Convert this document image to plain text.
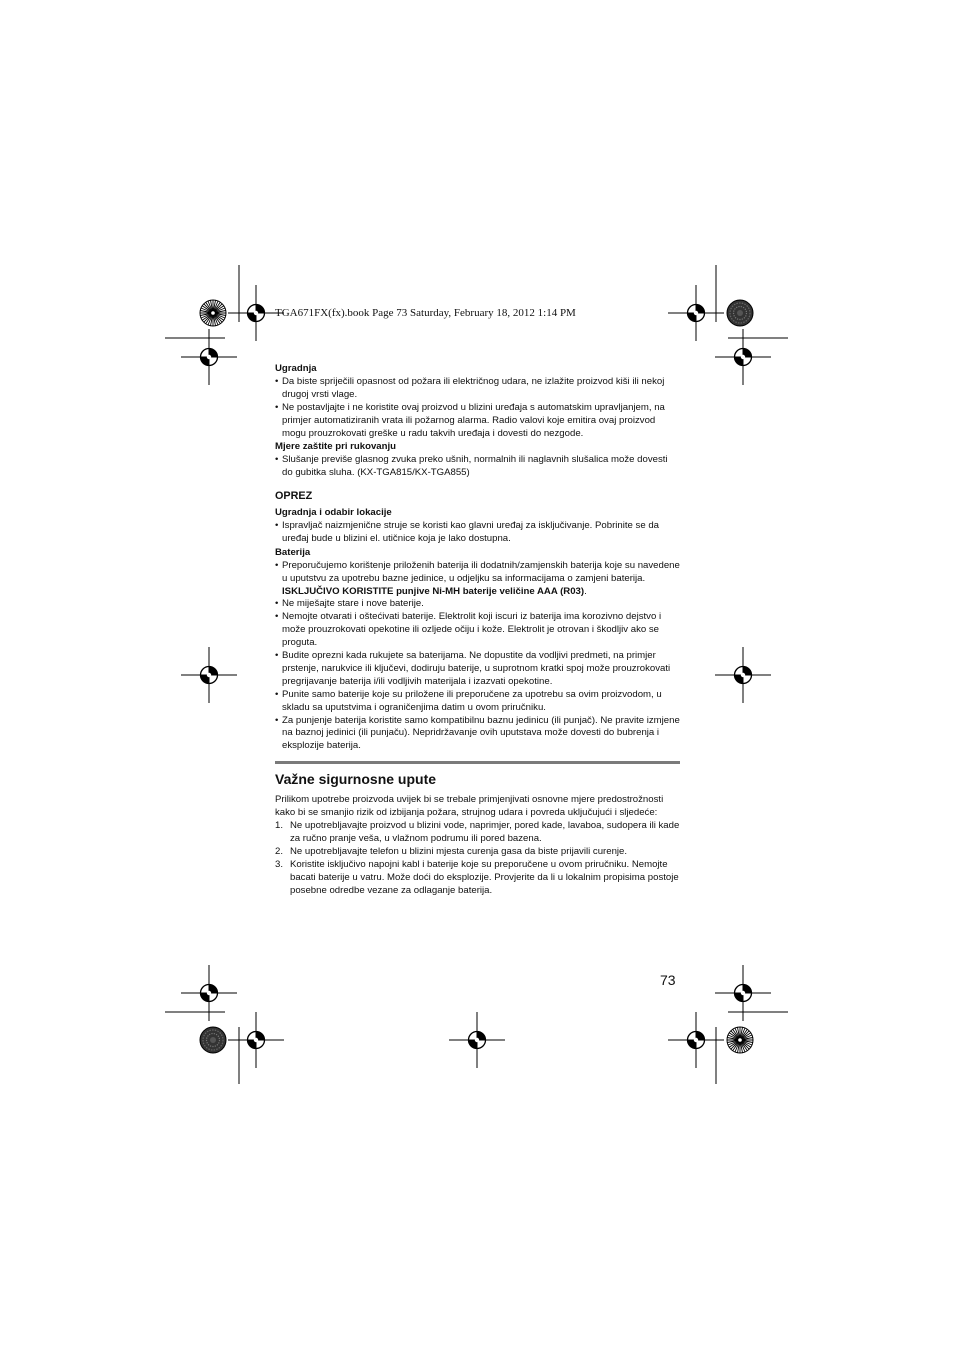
TGA671FX(fx).book Page 73 Saturday, February 18, 2012 1:14 PM
Ugradnja
• Da biste spriječili opasnost od požara ili električnog udara, ne izlažite proizvod kiši ili nekoj drugoj vrsti vlage.
• Ne postavljajte i ne koristite ovaj proizvod u blizini uređaja s automatskim upravljanjem, na primjer automatiziranih vrata ili požarnog alarma. Radio valovi koje emitira ovaj proizvod mogu prouzrokovati greške u radu takvih uređaja i dovesti do nezgode.
Mjere zaštite pri rukovanju
• Slušanje previše glasnog zvuka preko ušnih, normalnih ili naglavnih slušalica može dovesti do gubitka sluha. (KX-TGA815/KX-TGA855)
OPREZ
Ugradnja i odabir lokacije
• Ispravljač naizmjenične struje se koristi kao glavni uređaj za isključivanje. Pobrinite se da uređaj bude u blizini el. utičnice koja je lako dostupna.
Baterija
• Preporučujemo korištenje priloženih baterija ili dodatnih/zamjenskih baterija koje su navedene u uputstvu za upotrebu bazne jedinice, u odjeljku sa informacijama o zamjeni baterija. ISKLJUČIVO KORISTITE punjive Ni-MH baterije veličine AAA (R03).
• Ne miješajte stare i nove baterije.
• Nemojte otvarati i oštećivati baterije. Elektrolit koji iscuri iz baterija ima korozivno dejstvo i može prouzrokovati opekotine ili ozljede očiju i kože. Elektrolit je otrovan i škodljiv ako se proguta.
• Budite oprezni kada rukujete sa baterijama. Ne dopustite da vodljivi predmeti, na primjer prstenje, narukvice ili ključevi, dodiruju baterije, u suprotnom kratki spoj može prouzrokovati pregrijavanje baterija i/ili vodljivih materijala i izazvati opekotine.
• Punite samo baterije koje su priložene ili preporučene za upotrebu sa ovim proizvodom, u skladu sa uputstvima i ograničenjima datim u ovom priručniku.
• Za punjenje baterija koristite samo kompatibilnu baznu jedinicu (ili punjač). Ne pravite izmjene na baznoj jedinici (ili punjaču). Nepridržavanje ovih uputstava može dovesti do bubrenja i eksplozije baterija.
Važne sigurnosne upute
Prilikom upotrebe proizvoda uvijek bi se trebale primjenjivati osnovne mjere predostrožnosti kako bi se smanjio rizik od izbijanja požara, strujnog udara i povreda uključujući i sljedeće:
1. Ne upotrebljavajte proizvod u blizini vode, naprimjer, pored kade, lavaboa, sudopera ili kade za ručno pranje veša, u vlažnom podrumu ili pored bazena.
2. Ne upotrebljavajte telefon u blizini mjesta curenja gasa da biste prijavili curenje.
3. Koristite isključivo napojni kabl i baterije koje su preporučene u ovom priručniku. Nemojte bacati baterije u vatru. Može doći do eksplozije. Provjerite da li u lokalnim propisima postoje posebne odredbe vezane za odlaganje baterija.
73
